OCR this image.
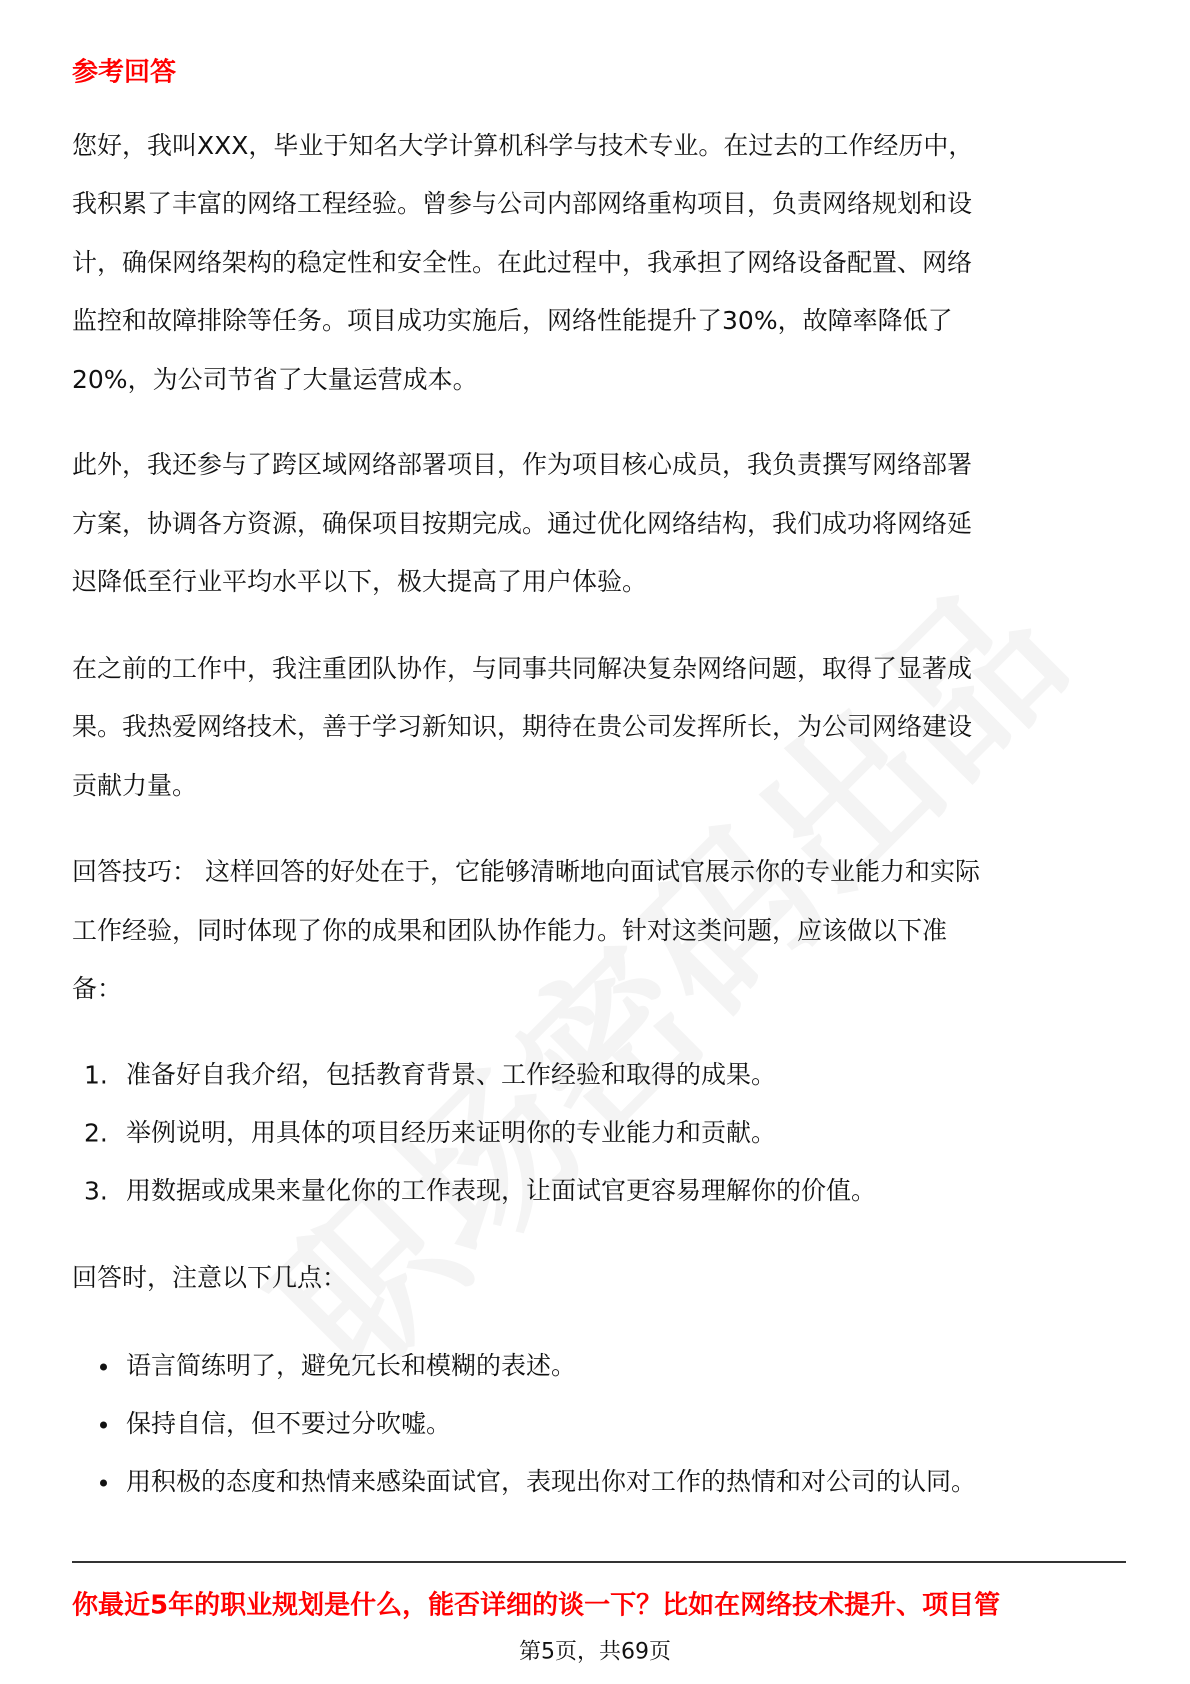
参考回答
您好，我叫XXX，毕业于知名大学计算机科学与技术专业。在过去的工作经历中，
我积累了丰富的网络工程经验。曾参与公司内部网络重构项目，负责网络规划和设
计，确保网络架构的稳定性和安全性。在此过程中，我承担了网络设备配置、网络
监控和故障排除等任务。项目成功实施后，网络性能提升了30%，故障率降低了
20%，为公司节省了大量运营成本。
此外，我还参与了跨区域网络部署项目，作为项目核心成员，我负责撰写网络部署
方案，协调各方资源，确保项目按期完成。通过优化网络结构，我们成功将网络延
迟降低至行业平均水平以下，极大提高了用户体验。
在之前的工作中，我注重团队协作，与同事共同解决复杂网络问题，取得了显著成
果。我热爱网络技术，善于学习新知识，期待在贵公司发挥所长，为公司网络建设
贡献力量。
回答技巧： 这样回答的好处在于，它能够清晰地向面试官展示你的专业能力和实际
工作经验，同时体现了你的成果和团队协作能力。针对这类问题，应该做以下准
备：
1. 准备好自我介绍，包括教育背景、工作经验和取得的成果。
2. 举例说明，用具体的项目经历来证明你的专业能力和贡献。
3. 用数据或成果来量化你的工作表现，让面试官更容易理解你的价值。
回答时，注意以下几点：
语言简练明了，避免冗长和模糊的表述。
保持自信，但不要过分吹嘘。
用积极的态度和热情来感染面试官，表现出你对工作的热情和对公司的认同。
你最近5年的职业规划是什么，能否详细的谈一下？比如在网络技术提升、项目管
第5页，共69页
